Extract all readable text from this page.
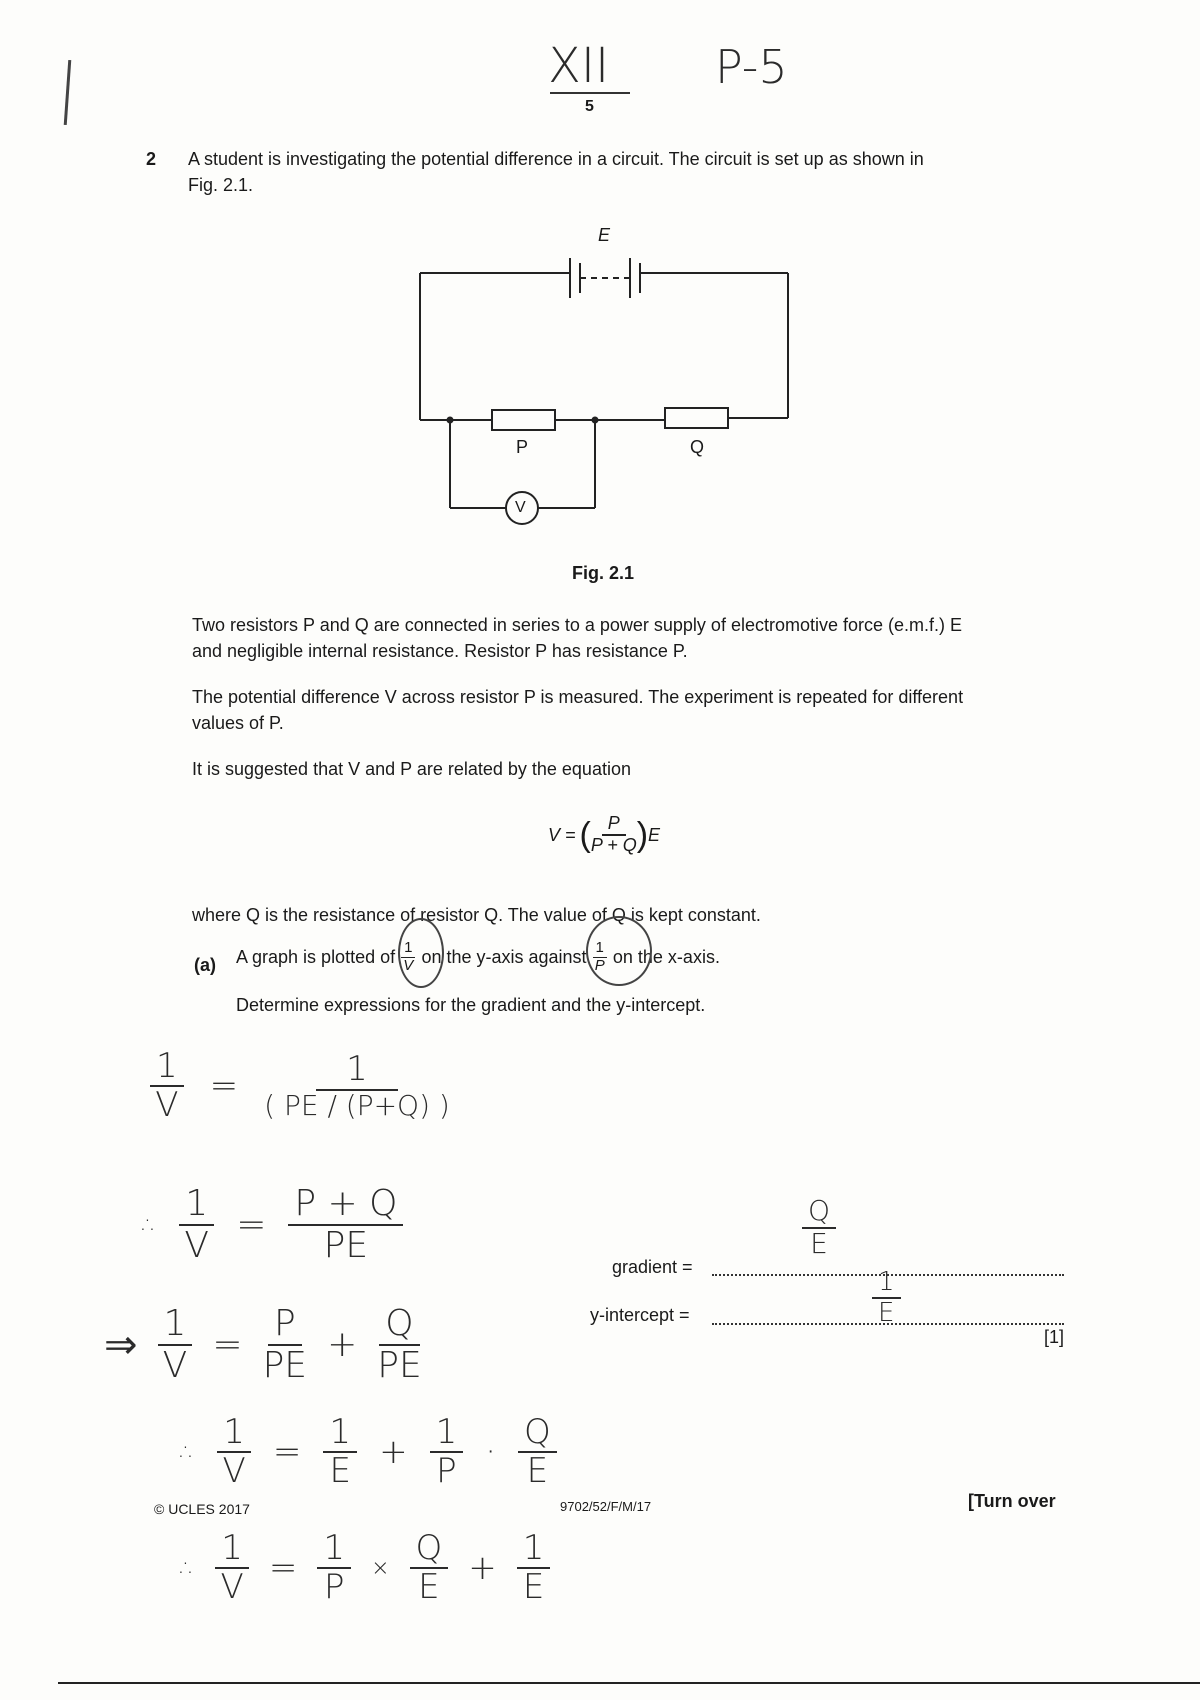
XII
5
P-5
2 A student is investigating the potential difference in a circuit. The circuit is set up as shown in
Fig. 2.1.
E
P	Q
V
Fig. 2.1
Two resistors P and Q are connected in series to a power supply of electromotive force (e.m.f.) E
and negligible internal resistance. Resistor P has resistance P.
The potential difference V across resistor P is measured. The experiment is repeated for different
values of P.
It is suggested that V and P are related by the equation
V = ( $\frac{P}{P + Q}$ ) E
where Q is the resistance of resistor Q. The value of Q is kept constant.
(a) A graph is plotted of $\frac{1}{V}$ on the y-axis against $\frac{1}{P}$ on the x-axis.
Determine expressions for the gradient and the y-intercept.
$\frac{1}{V} = \frac{1}{( PE / (P+Q) )}$
∴ $\frac{1}{V} = \frac{P + Q}{PE}$
⇒ $\frac{1}{V} = \frac{P}{PE} + \frac{Q}{PE}$
∴ $\frac{1}{V} = \frac{1}{E} + \frac{1}{P} \cdot \frac{Q}{E}$
∴ $\frac{1}{V} = \frac{1}{P} \times \frac{Q}{E} + \frac{1}{E}$
gradient =
$\frac{Q}{E}$
y-intercept =	$\frac{1}{E}$
[1]
© UCLES 2017	9702/52/F/M/17	[Turn over
